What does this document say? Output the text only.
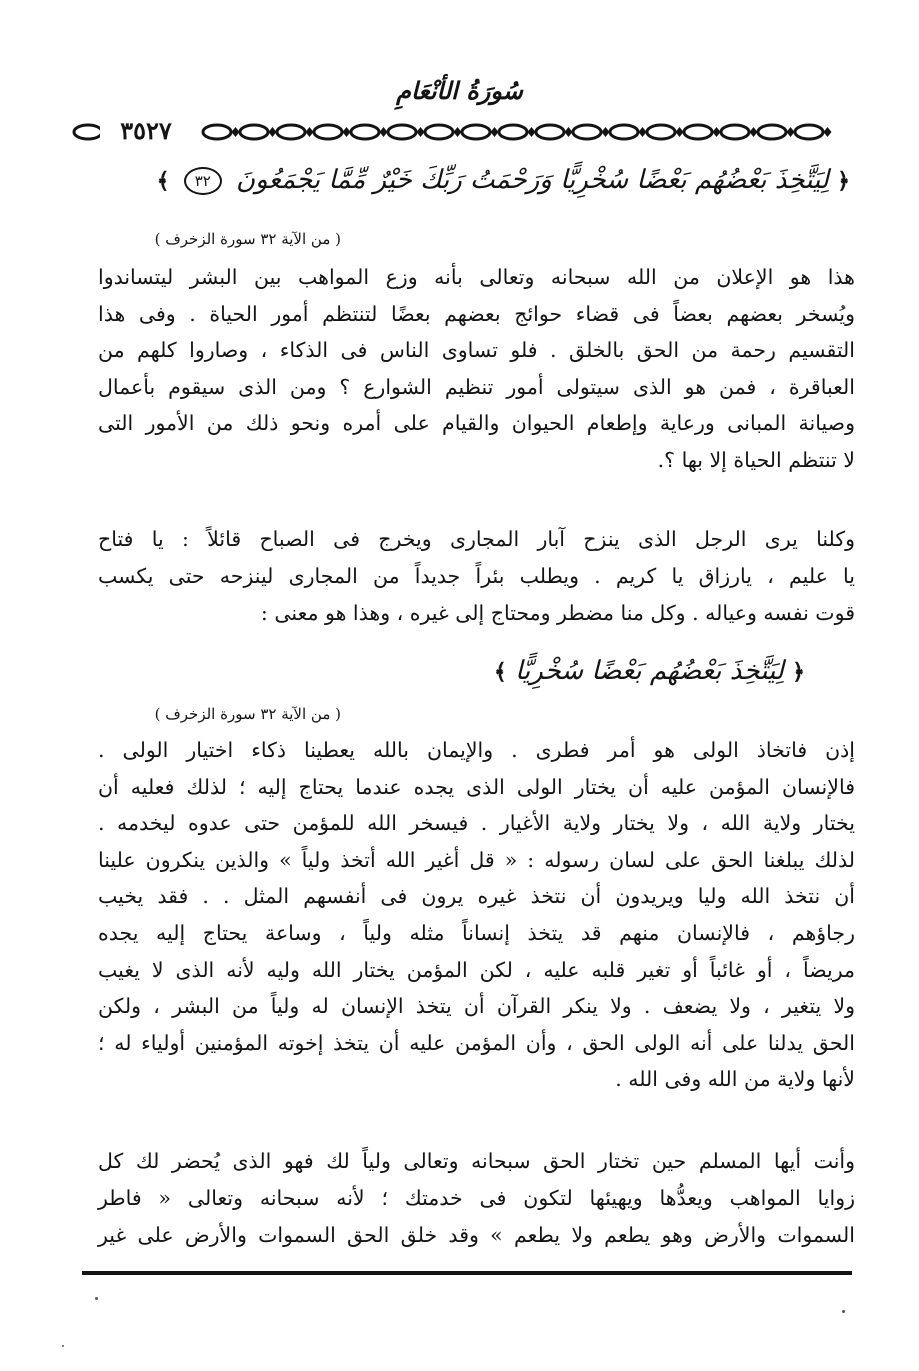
سُورَةُ الأنْعَامِ
٣٥٢٧
﴿ لِيَتَّخِذَ بَعْضُهُم بَعْضًا سُخْرِيًّا وَرَحْمَتُ رَبِّكَ خَيْرٌ مِّمَّا يَجْمَعُونَ ٣٢ ﴾
( من الآية ٣٢ سورة الزخرف )
هذا هو الإعلان من الله سبحانه وتعالى بأنه وزع المواهب بين البشر ليتساندوا
ويُسخر بعضهم بعضاً فى قضاء حوائج بعضهم بعضًا لتنتظم أمور الحياة . وفى هذا
التقسيم رحمة من الحق بالخلق . فلو تساوى الناس فى الذكاء ، وصاروا كلهم من
العباقرة ، فمن هو الذى سيتولى أمور تنظيم الشوارع ؟ ومن الذى سيقوم بأعمال
وصيانة المبانى ورعاية وإطعام الحيوان والقيام على أمره ونحو ذلك من الأمور التى
لا تنتظم الحياة إلا بها ؟.
وكلنا يرى الرجل الذى ينزح آبار المجارى ويخرج فى الصباح قائلاً : يا فتاح
يا عليم ، يارزاق يا كريم . ويطلب بئراً جديداً من المجارى لينزحه حتى يكسب
قوت نفسه وعياله . وكل منا مضطر ومحتاج إلى غيره ، وهذا هو معنى :
﴿ لِيَتَّخِذَ بَعْضُهُم بَعْضًا سُخْرِيًّا ﴾
( من الآية ٣٢ سورة الزخرف )
إذن فاتخاذ الولى هو أمر فطرى . والإيمان بالله يعطينا ذكاء اختيار الولى .
فالإنسان المؤمن عليه أن يختار الولى الذى يجده عندما يحتاج إليه ؛ لذلك فعليه أن
يختار ولاية الله ، ولا يختار ولاية الأغيار . فيسخر الله للمؤمن حتى عدوه ليخدمه .
لذلك يبلغنا الحق على لسان رسوله : « قل أغير الله أتخذ ولياً » والذين ينكرون علينا
أن نتخذ الله وليا ويريدون أن نتخذ غيره يرون فى أنفسهم المثل . . فقد يخيب
رجاؤهم ، فالإنسان منهم قد يتخذ إنساناً مثله ولياً ، وساعة يحتاج إليه يجده
مريضاً ، أو غائباً أو تغير قلبه عليه ، لكن المؤمن يختار الله وليه لأنه الذى لا يغيب
ولا يتغير ، ولا يضعف . ولا ينكر القرآن أن يتخذ الإنسان له ولياً من البشر ، ولكن
الحق يدلنا على أنه الولى الحق ، وأن المؤمن عليه أن يتخذ إخوته المؤمنين أولياء له ؛
لأنها ولاية من الله وفى الله .
وأنت أيها المسلم حين تختار الحق سبحانه وتعالى ولياً لك فهو الذى يُحضر لك كل
زوايا المواهب ويعدُّها ويهيئها لتكون فى خدمتك ؛ لأنه سبحانه وتعالى « فاطر
السموات والأرض وهو يطعم ولا يطعم » وقد خلق الحق السموات والأرض على غير
